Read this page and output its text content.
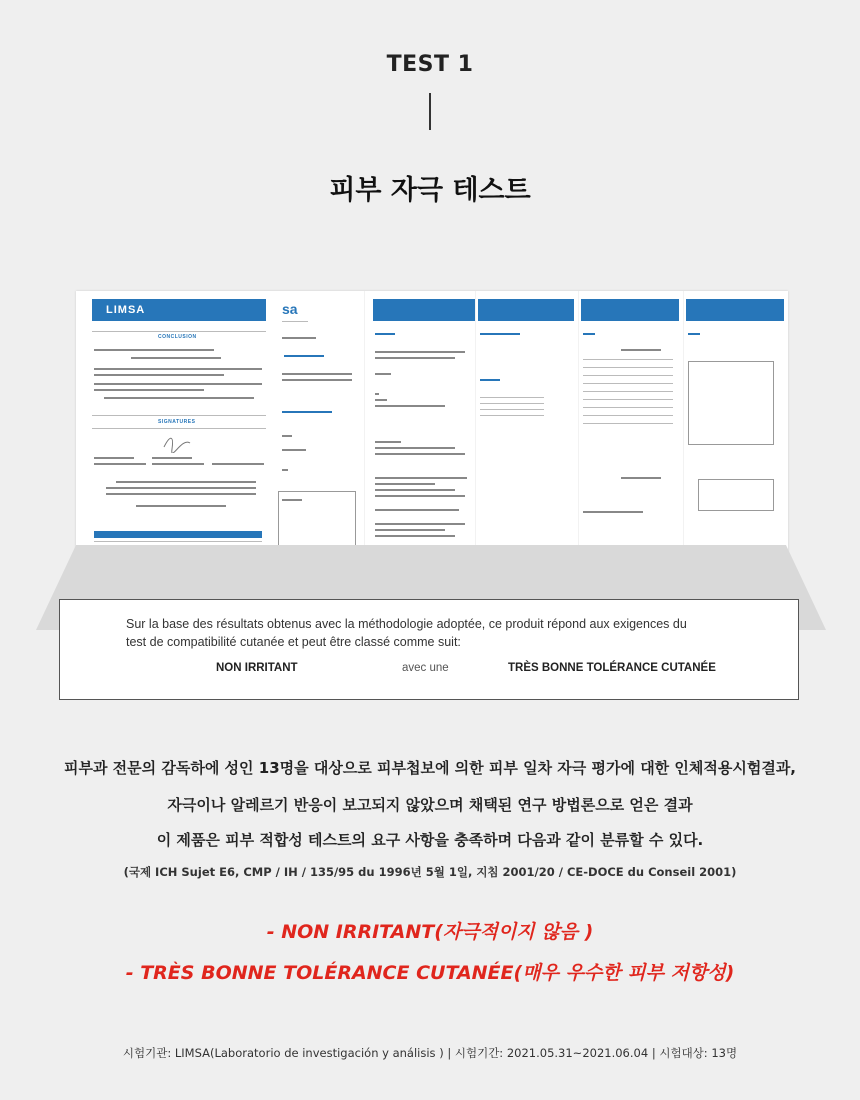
TEST 1
피부 자극 테스트
LIMSA
CONCLUSION
SIGNATURES
sa
Sur la base des résultats obtenus avec la méthodologie adoptée, ce produit répond aux exigences du
test de compatibilité cutanée et peut être classé comme suit:
NON IRRITANT	avec une	TRÈS BONNE TOLÉRANCE CUTANÉE
피부과 전문의 감독하에 성인 13명을 대상으로 피부첩보에 의한 피부 일차 자극 평가에 대한 인체적용시험결과,
자극이나 알레르기 반응이 보고되지 않았으며 채택된 연구 방법론으로 얻은 결과
이 제품은 피부 적합성 테스트의 요구 사항을 충족하며 다음과 같이 분류할 수 있다.
(국제 ICH Sujet E6, CMP / IH / 135/95 du 1996년 5월 1일, 지침 2001/20 / CE-DOCE du Conseil 2001)
- NON IRRITANT(자극적이지 않음 )
- TRÈS BONNE TOLÉRANCE CUTANÉE(매우 우수한 피부 저항성)
시험기관: LIMSA(Laboratorio de investigación y análisis ) | 시험기간: 2021.05.31~2021.06.04 | 시험대상: 13명
